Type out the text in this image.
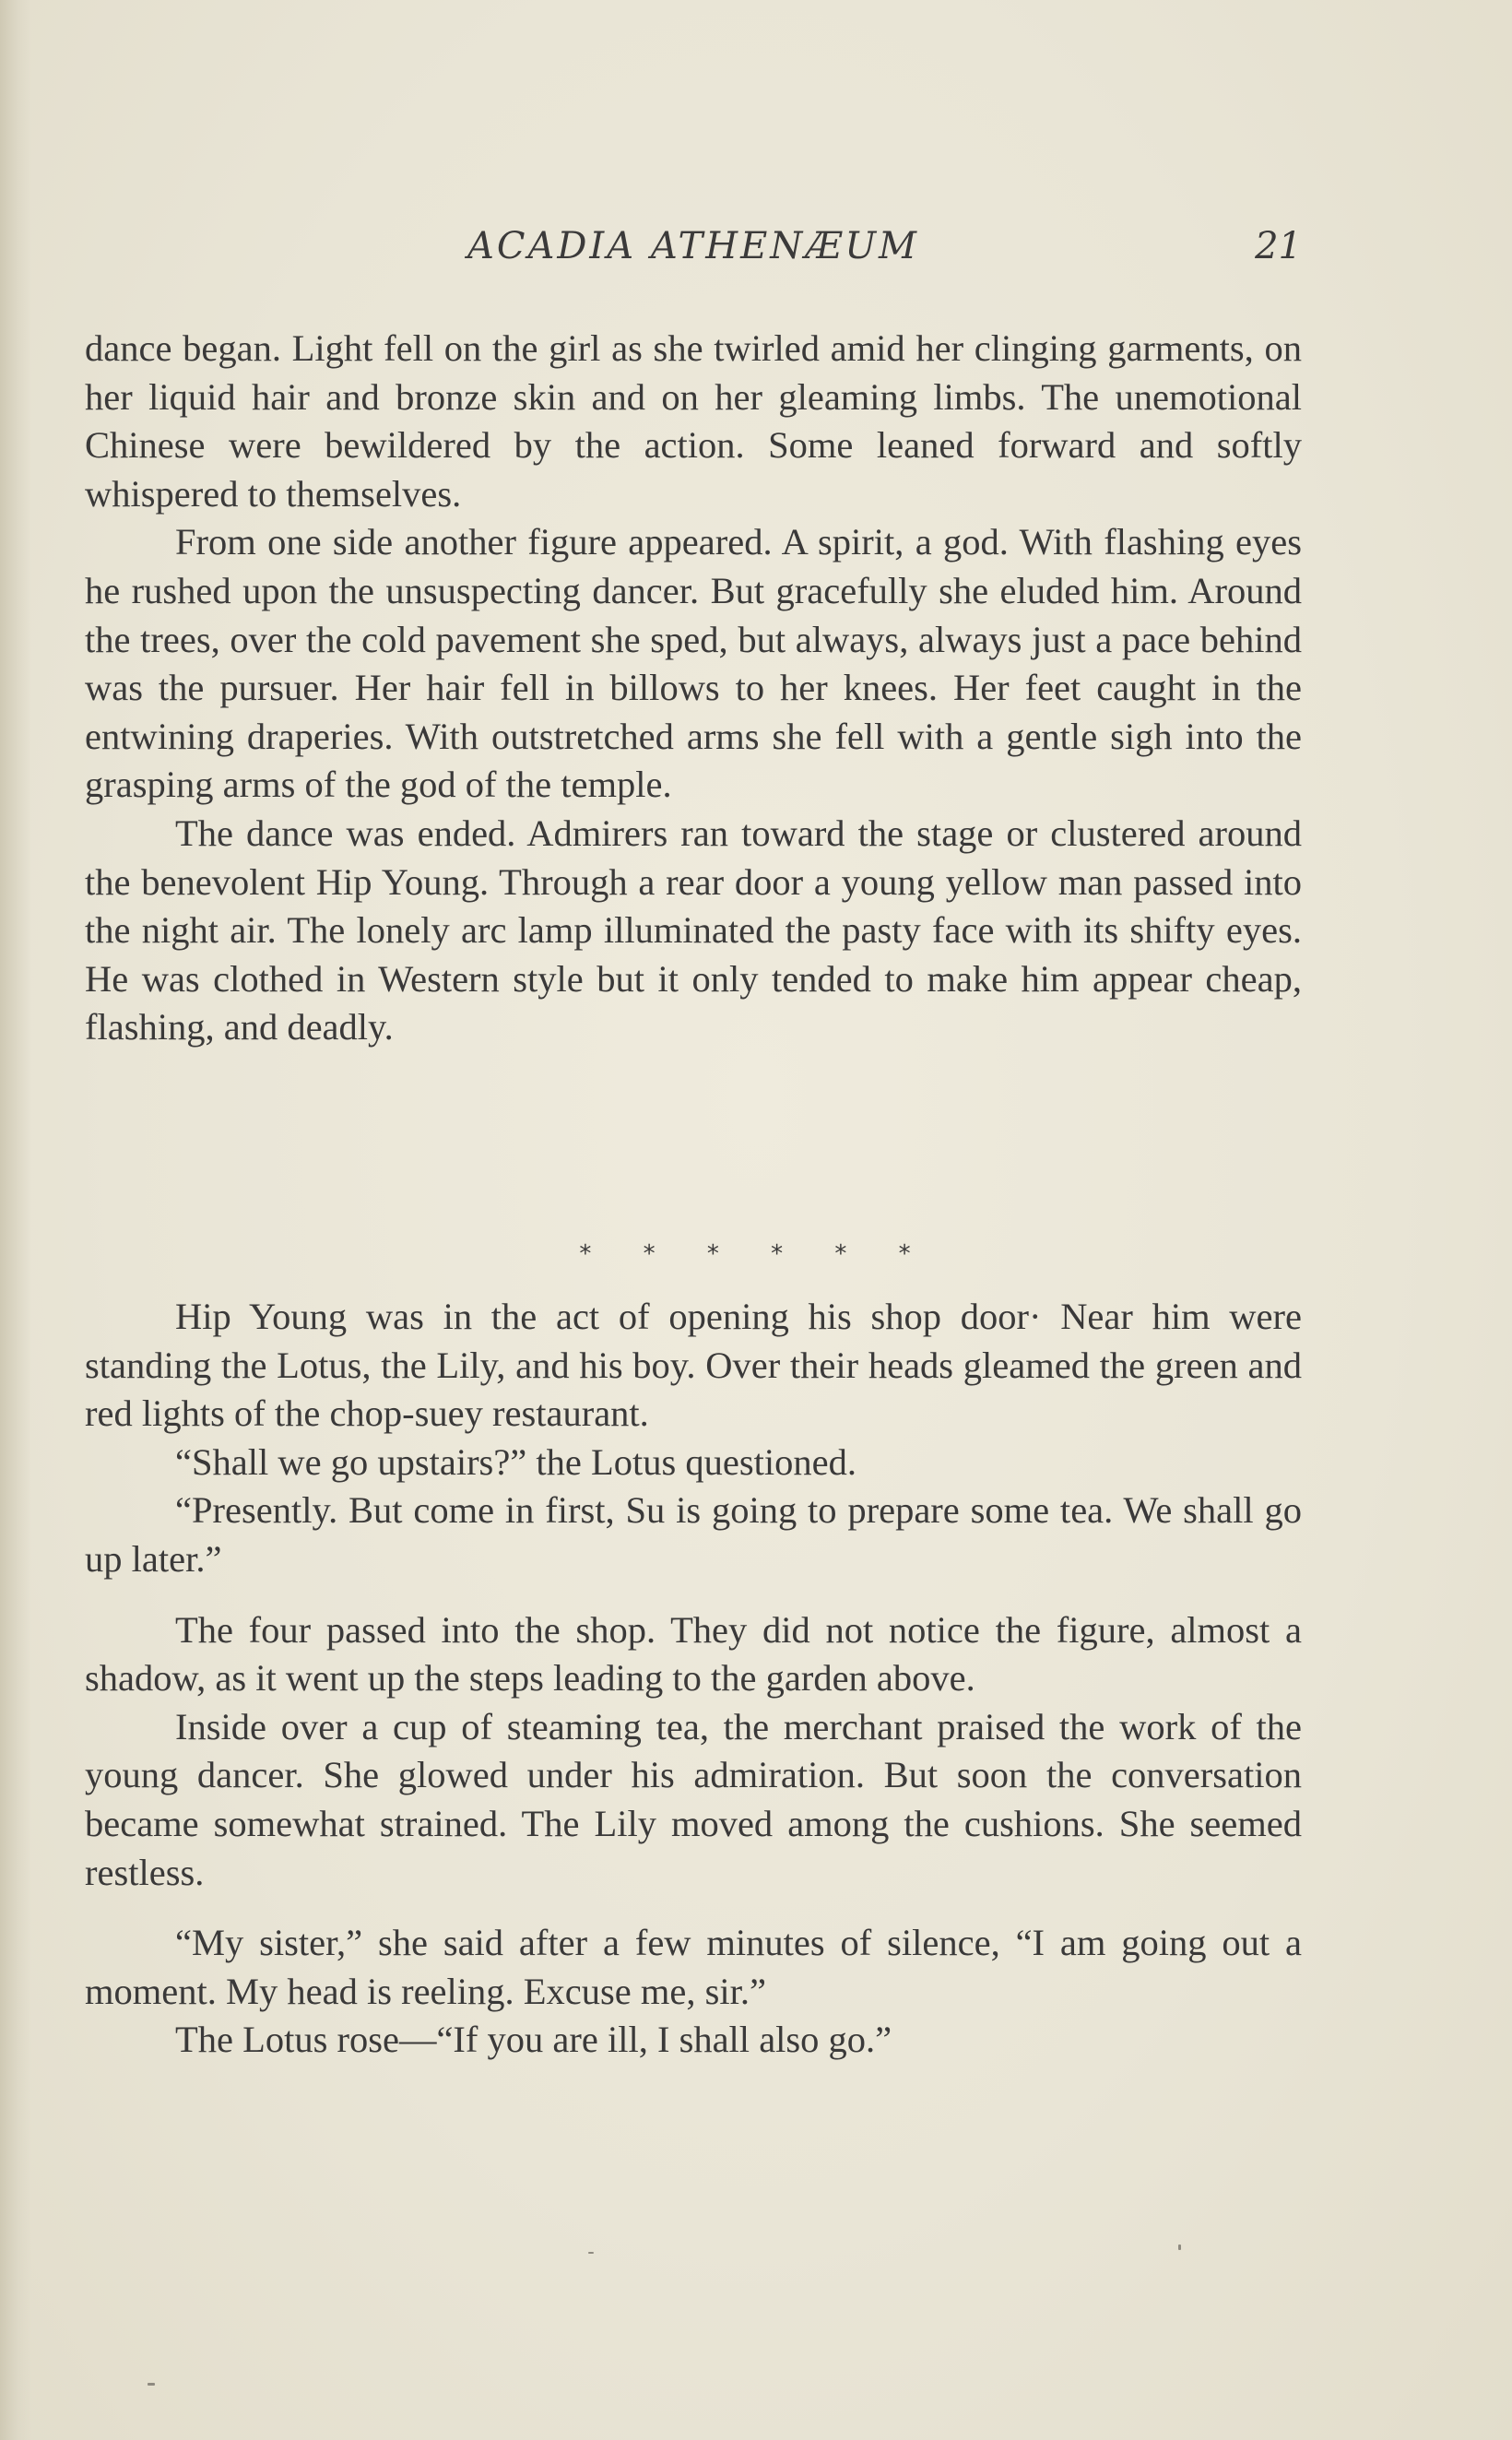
ACADIA ATHENÆUM	21

dance began. Light fell on the girl as she twirled amid her clinging garments, on her liquid hair and bronze skin and on her gleaming limbs. The unemotional Chinese were bewildered by the action. Some leaned forward and softly whispered to themselves.

From one side another figure appeared. A spirit, a god. With flashing eyes he rushed upon the unsuspecting dancer. But gracefully she eluded him. Around the trees, over the cold pavement she sped, but always, always just a pace behind was the pursuer. Her hair fell in billows to her knees. Her feet caught in the entwining draperies. With outstretched arms she fell with a gentle sigh into the grasping arms of the god of the temple.

The dance was ended. Admirers ran toward the stage or clustered around the benevolent Hip Young. Through a rear door a young yellow man passed into the night air. The lonely arc lamp illuminated the pasty face with its shifty eyes. He was clothed in Western style but it only tended to make him appear cheap, flashing, and deadly.

* * * * * *

Hip Young was in the act of opening his shop door· Near him were standing the Lotus, the Lily, and his boy. Over their heads gleamed the green and red lights of the chop-suey restaurant.

“Shall we go upstairs?” the Lotus questioned.

“Presently. But come in first, Su is going to prepare some tea. We shall go up later.”

The four passed into the shop. They did not notice the figure, almost a shadow, as it went up the steps leading to the garden above.

Inside over a cup of steaming tea, the merchant praised the work of the young dancer. She glowed under his admiration. But soon the conversation became somewhat strained. The Lily moved among the cushions. She seemed restless.

“My sister,” she said after a few minutes of silence, “I am going out a moment. My head is reeling. Excuse me, sir.”

The Lotus rose—“If you are ill, I shall also go.”
